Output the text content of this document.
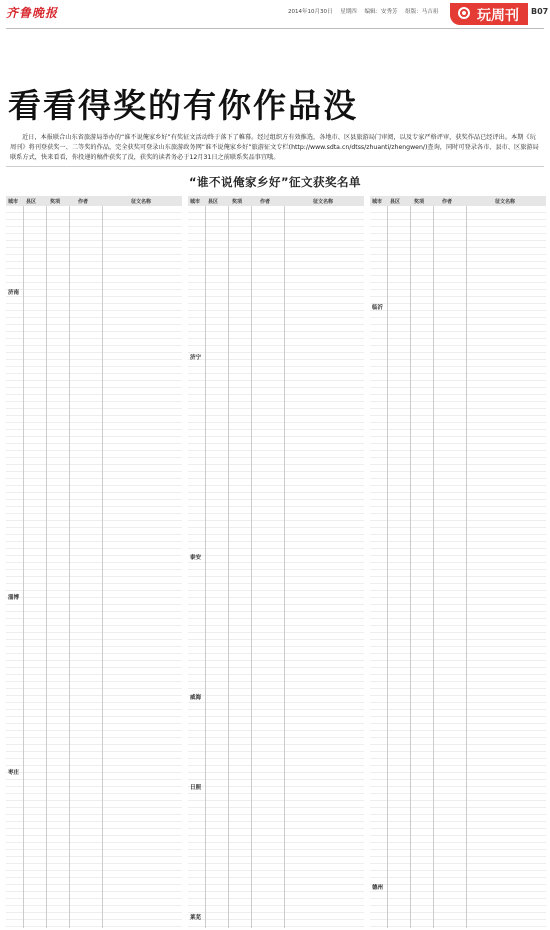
齐鲁晚报	2014年10月30日 星期四 编辑：安秀芳 组版：马吉祖	玩周刊 B07
看看得奖的有你作品没
近日，本报联合山东省旅游局举办的“谁不说俺家乡好”有奖征文活动终于落下了帷幕。经过组织方有效推选，各地市、区县旅游局门审阅，以及专家严格评审，获奖作品已经评出。本期《玩周刊》将刊登获奖一、二等奖的作品，完全获奖可登录山东旅游政务网“谁不说俺家乡好”旅游征文专栏(http://www.sdta.cn/dtss/zhuanti/zhengwen/)查询，同时可登录各市、县市、区旅游局联系方式，快来看看，你投递的稿件获奖了没，获奖的读者务必于12月31日之前联系奖品事宜哦。
“谁不说俺家乡好”征文获奖名单
城市 县区	奖项	作者	征文名称
济南
淄博
枣庄
城市 县区	奖项	作者	征文名称
济宁
泰安
威海
日照
莱芜
城市 县区	奖项	作者	征文名称
临沂
德州
